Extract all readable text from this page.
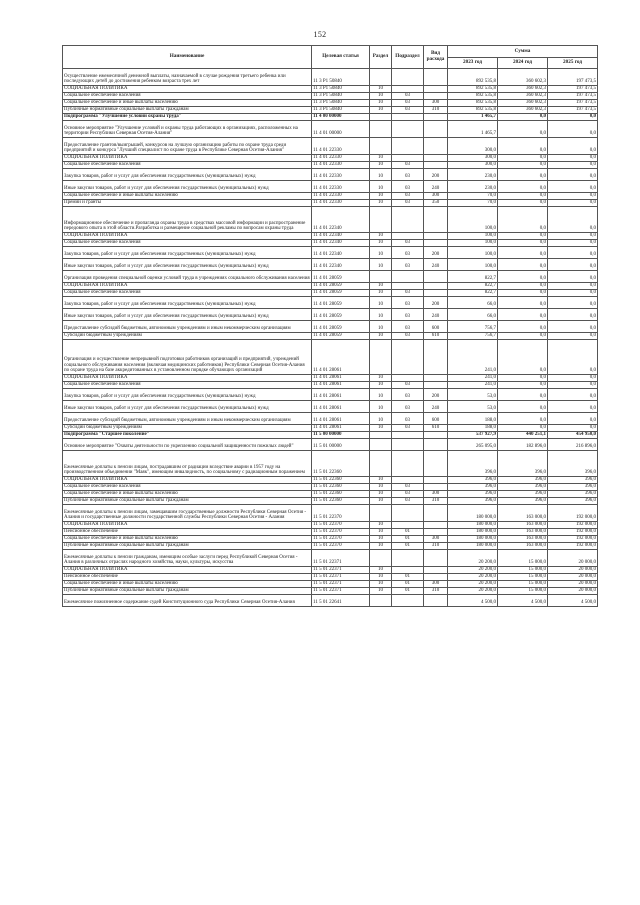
152
Наименование	Целевая статья	Раздел	Подраздел	Вид расхода	Сумма		
					2023 год	2024 год	2025 год
Осуществление ежемесячной денежной выплаты, назначаемой в случае рождения третьего ребенка или последующих детей до достижения ребенком возраста трех лет	11 3 P1 50840				892 535,8	360 602,3	197 473,5
СОЦИАЛЬНАЯ ПОЛИТИКА	11 3 P1 50840	10			892 535,8	360 602,3	197 473,5
Социальное обеспечение населения	11 3 P1 50840	10	03		892 535,8	360 602,3	197 473,5
Социальное обеспечение и иные выплаты населению	11 3 P1 50840	10	03	300	892 535,8	360 602,3	197 473,5
Публичные нормативные социальные выплаты гражданам	11 3 P1 50840	10	03	310	892 535,8	360 602,3	197 473,5
Подпрограмма "Улучшение условий охраны труда"	11 4 00 00000				1 465,7	0,0	0,0
Основное мероприятие "Улучшение условий и охраны труда работающих в организациях, расположенных на территории Республики Северная Осетия-Алания"	11 4 01 00000				1 465,7	0,0	0,0
Предоставление грантов/выигрышей, конкурсов на лучшую организацию работы по охране труда среди предприятий и конкурса "Лучший специалист по охране труда в Республике Северная Осетия-Алания"	11 4 01 22330				300,0	0,0	0,0
СОЦИАЛЬНАЯ ПОЛИТИКА	11 4 01 22330	10			300,0	0,0	0,0
Социальное обеспечение населения	11 4 01 22330	10	03		300,0	0,0	0,0
Закупка товаров, работ и услуг для обеспечения государственных (муниципальных) нужд	11 4 01 22330	10	03	200	230,0	0,0	0,0
Иные закупки товаров, работ и услуг для обеспечения государственных (муниципальных) нужд	11 4 01 22330	10	03	240	230,0	0,0	0,0
Социальное обеспечение и иные выплаты населению	11 4 01 22330	10	03	300	70,0	0,0	0,0
Премии и гранты	11 4 01 22330	10	03	350	70,0	0,0	0,0
Информационное обеспечение и пропаганда охраны труда в средствах массовой информации и распространение передового опыта в этой области.Разработка и размещение социальной рекламы по вопросам охраны труда	11 4 01 22340				100,0	0,0	0,0
СОЦИАЛЬНАЯ ПОЛИТИКА	11 4 01 22340	10			100,0	0,0	0,0
Социальное обеспечение населения	11 4 01 22340	10	03		100,0	0,0	0,0
Закупка товаров, работ и услуг для обеспечения государственных (муниципальных) нужд	11 4 01 22340	10	03	200	100,0	0,0	0,0
Иные закупки товаров, работ и услуг для обеспечения государственных (муниципальных) нужд	11 4 01 22340	10	03	240	100,0	0,0	0,0
Организация проведения специальной оценки условий труда в учреждениях социального обслуживания населения	11 4 01 28059				822,7	0,0	0,0
СОЦИАЛЬНАЯ ПОЛИТИКА	11 4 01 28059	10			822,7	0,0	0,0
Социальное обеспечение населения	11 4 01 28059	10	03		822,7	0,0	0,0
Закупка товаров, работ и услуг для обеспечения государственных (муниципальных) нужд	11 4 01 28059	10	03	200	66,0	0,0	0,0
Иные закупки товаров, работ и услуг для обеспечения государственных (муниципальных) нужд	11 4 01 28059	10	03	240	66,0	0,0	0,0
Предоставление субсидий бюджетным, автономным учреждениям и иным некоммерческим организациям	11 4 01 28059	10	03	600	756,7	0,0	0,0
Субсидии бюджетным учреждениям	11 4 01 28059	10	03	610	756,7	0,0	0,0
Организация и осуществление непрерывной подготовки работников организаций и предприятий, учреждений социального обслуживания населения (включая медицинских работников) Республики Северная Осетия-Алания по охране труда на базе аккредитованных в установленном порядке обучающих организаций	11 4 01 28061				241,0	0,0	0,0
СОЦИАЛЬНАЯ ПОЛИТИКА	11 4 01 28061	10			241,0	0,0	0,0
Социальное обеспечение населения	11 4 01 28061	10	03		241,0	0,0	0,0
Закупка товаров, работ и услуг для обеспечения государственных (муниципальных) нужд	11 4 01 28061	10	03	200	53,0	0,0	0,0
Иные закупки товаров, работ и услуг для обеспечения государственных (муниципальных) нужд	11 4 01 28061	10	03	240	53,0	0,0	0,0
Предоставление субсидий бюджетным, автономным учреждениям и иным некоммерческим организациям	11 4 01 28061	10	03	600	188,0	0,0	0,0
Субсидии бюджетным учреждениям	11 4 01 28061	10	03	610	188,0	0,0	0,0
Подпрограмма "Старшее поколение"	11 5 00 00000				537 927,9	440 251,1	454 950,0
Основное мероприятие "Охваты деятельности по укреплению социальной защищенности пожилых людей"	11 5 01 00000				265 095,0	182 896,0	216 896,0
Ежемесячные доплаты к пенсии лицам, пострадавшим от радиации вследствие аварии в 1957 году на производственном объединении "Маяк", имеющим инвалидность, по социальному с радиационным поражением	11 5 01 22360				396,0	396,0	396,0
СОЦИАЛЬНАЯ ПОЛИТИКА	11 5 01 22360	10			396,0	396,0	396,0
Социальное обеспечение населения	11 5 01 22360	10	03		396,0	396,0	396,0
Социальное обеспечение и иные выплаты населению	11 5 01 22360	10	03	300	396,0	396,0	396,0
Публичные нормативные социальные выплаты гражданам	11 5 01 22360	10	03	310	396,0	396,0	396,0
Ежемесячные доплаты к пенсии лицам, замещавшим государственные должности Республики Северная Осетия - Алания и государственные должности государственной службы Республики Северная Осетия - Алания	11 5 01 22370				180 000,0	163 000,0	192 000,0
СОЦИАЛЬНАЯ ПОЛИТИКА	11 5 01 22370	10			180 000,0	163 000,0	192 000,0
Пенсионное обеспечение	11 5 01 22370	10	01		180 000,0	163 000,0	192 000,0
Социальное обеспечение и иные выплаты населению	11 5 01 22370	10	01	300	180 000,0	163 000,0	192 000,0
Публичные нормативные социальные выплаты гражданам	11 5 01 22370	10	01	310	180 000,0	163 000,0	192 000,0
Ежемесячные доплаты к пенсии гражданам, имеющим особые заслуги перед Республикой Северная Осетия - Алания в различных отраслях народного хозяйства, науки, культуры, искусства	11 5 01 22371				20 200,0	15 000,0	20 000,0
СОЦИАЛЬНАЯ ПОЛИТИКА	11 5 01 22371	10			20 200,0	15 000,0	20 000,0
Пенсионное обеспечение	11 5 01 22371	10	01		20 200,0	15 000,0	20 000,0
Социальное обеспечение и иные выплаты населению	11 5 01 22371	10	01	300	20 200,0	15 000,0	20 000,0
Публичные нормативные социальные выплаты гражданам	11 5 01 22371	10	01	310	20 200,0	15 000,0	20 000,0
Ежемесячное пожизненное содержание судей Конституционного суда Республики Северная Осетия-Алания	11 5 01 22641				4 500,0	4 500,0	4 500,0
